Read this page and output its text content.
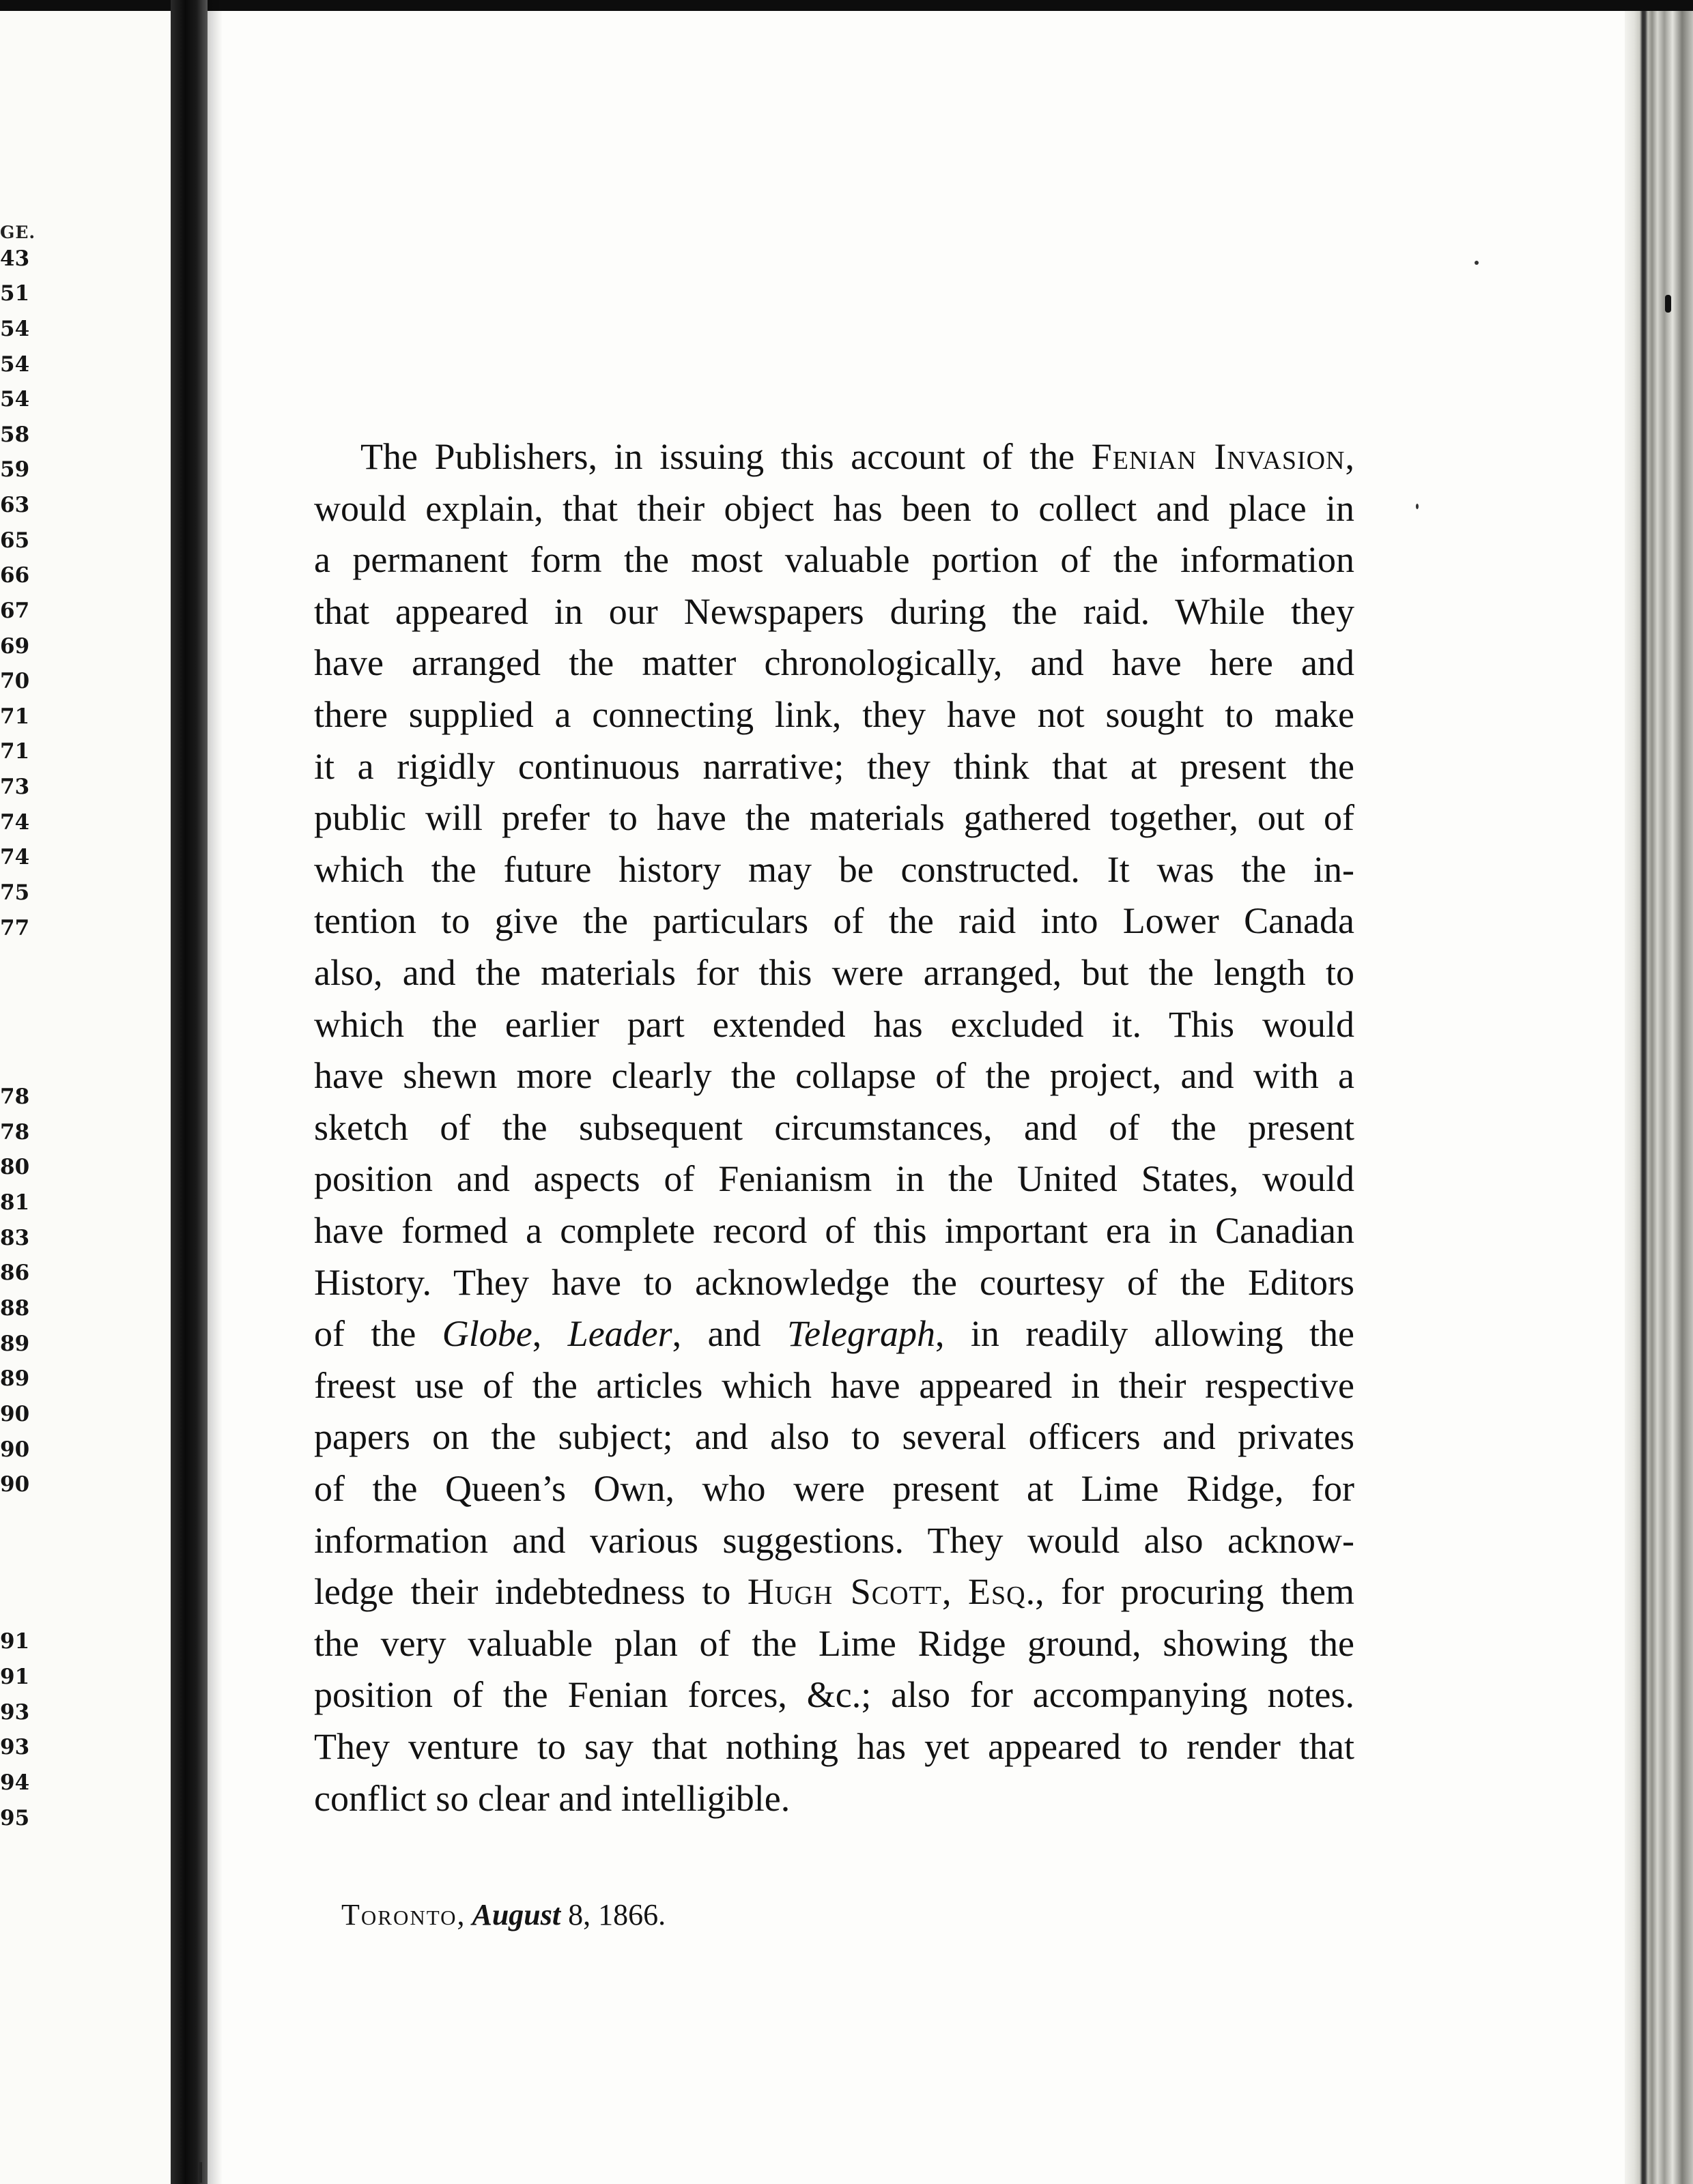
GE.
43
51
54
54
54
58
59
63
65
66
67
69
70
71
71
73
74
74
75
77
78
78
80
81
83
86
88
89
89
90
90
90
91
91
93
93
94
95
The Publishers, in issuing this account of the Fenian Invasion,
would explain, that their object has been to collect and place in
a permanent form the most valuable portion of the information
that appeared in our Newspapers during the raid. While they
have arranged the matter chronologically, and have here and
there supplied a connecting link, they have not sought to make
it a rigidly continuous narrative; they think that at present the
public will prefer to have the materials gathered together, out of
which the future history may be constructed. It was the in-
tention to give the particulars of the raid into Lower Canada
also, and the materials for this were arranged, but the length to
which the earlier part extended has excluded it. This would
have shewn more clearly the collapse of the project, and with a
sketch of the subsequent circumstances, and of the present
position and aspects of Fenianism in the United States, would
have formed a complete record of this important era in Canadian
History. They have to acknowledge the courtesy of the Editors
of the Globe, Leader, and Telegraph, in readily allowing the
freest use of the articles which have appeared in their respective
papers on the subject; and also to several officers and privates
of the Queen’s Own, who were present at Lime Ridge, for
information and various suggestions. They would also acknow-
ledge their indebtedness to Hugh Scott, Esq., for procuring them
the very valuable plan of the Lime Ridge ground, showing the
position of the Fenian forces, &c.; also for accompanying notes.
They venture to say that nothing has yet appeared to render that
conflict so clear and intelligible.
Toronto, August 8, 1866.
